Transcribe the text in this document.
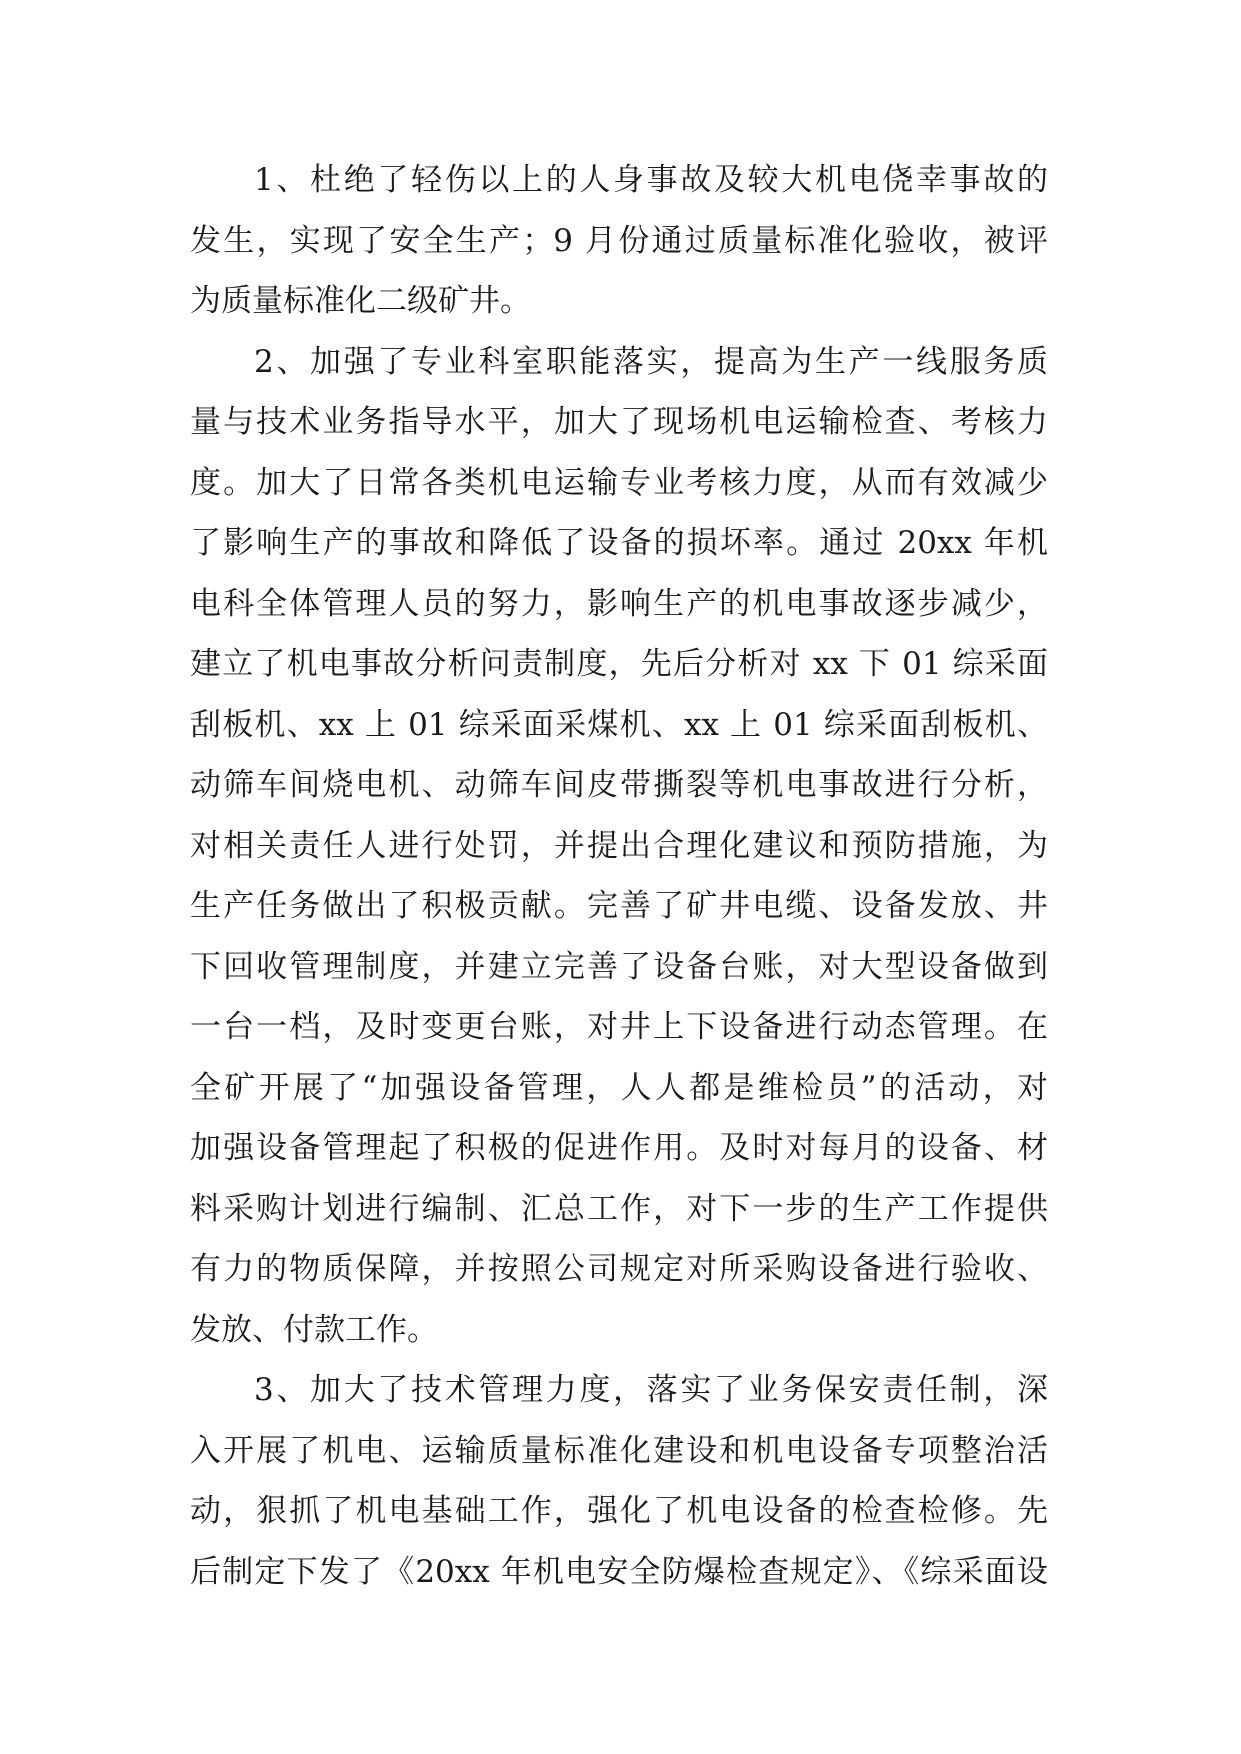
1、杜绝了轻伤以上的人身事故及较大机电侥幸事故的
发生，实现了安全生产；9 月份通过质量标准化验收，被评
为质量标准化二级矿井。
2、加强了专业科室职能落实，提高为生产一线服务质
量与技术业务指导水平，加大了现场机电运输检查、考核力
度。加大了日常各类机电运输专业考核力度，从而有效减少
了影响生产的事故和降低了设备的损坏率。通过 20xx 年机
电科全体管理人员的努力，影响生产的机电事故逐步减少，
建立了机电事故分析问责制度，先后分析对 xx 下 01 综采面
刮板机、xx 上 01 综采面采煤机、xx 上 01 综采面刮板机、
动筛车间烧电机、动筛车间皮带撕裂等机电事故进行分析，
对相关责任人进行处罚，并提出合理化建议和预防措施，为
生产任务做出了积极贡献。完善了矿井电缆、设备发放、井
下回收管理制度，并建立完善了设备台账，对大型设备做到
一台一档，及时变更台账，对井上下设备进行动态管理。在
全矿开展了“加强设备管理，人人都是维检员”的活动，对
加强设备管理起了积极的促进作用。及时对每月的设备、材
料采购计划进行编制、汇总工作，对下一步的生产工作提供
有力的物质保障，并按照公司规定对所采购设备进行验收、
发放、付款工作。
3、加大了技术管理力度，落实了业务保安责任制，深
入开展了机电、运输质量标准化建设和机电设备专项整治活
动，狠抓了机电基础工作，强化了机电设备的检查检修。先
后制定下发了《20xx 年机电安全防爆检查规定》、《综采面设
